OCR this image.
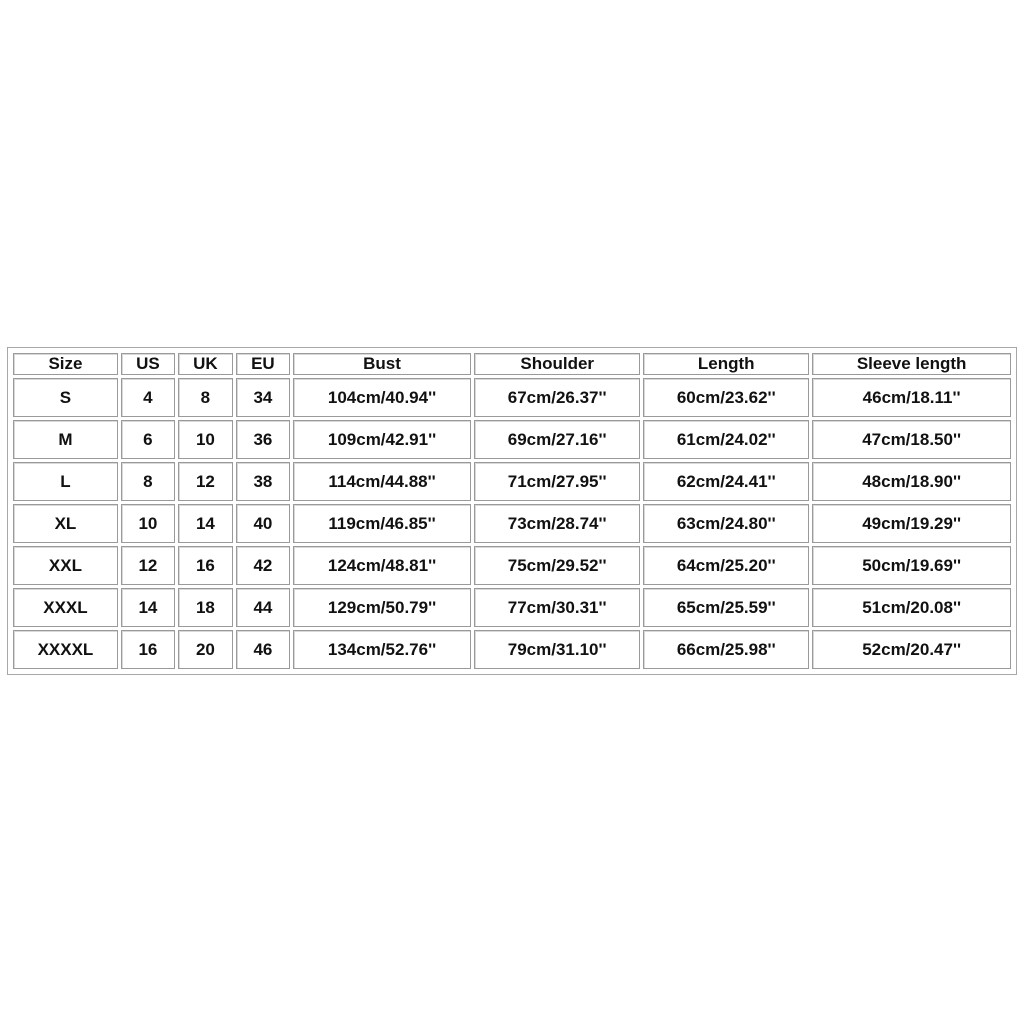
Size	US	UK	EU	Bust	Shoulder	Length	Sleeve length
S	4	8	34	104cm/40.94''	67cm/26.37''	60cm/23.62''	46cm/18.11''
M	6	10	36	109cm/42.91''	69cm/27.16''	61cm/24.02''	47cm/18.50''
L	8	12	38	114cm/44.88''	71cm/27.95''	62cm/24.41''	48cm/18.90''
XL	10	14	40	119cm/46.85''	73cm/28.74''	63cm/24.80''	49cm/19.29''
XXL	12	16	42	124cm/48.81''	75cm/29.52''	64cm/25.20''	50cm/19.69''
XXXL	14	18	44	129cm/50.79''	77cm/30.31''	65cm/25.59''	51cm/20.08''
XXXXL	16	20	46	134cm/52.76''	79cm/31.10''	66cm/25.98''	52cm/20.47''
